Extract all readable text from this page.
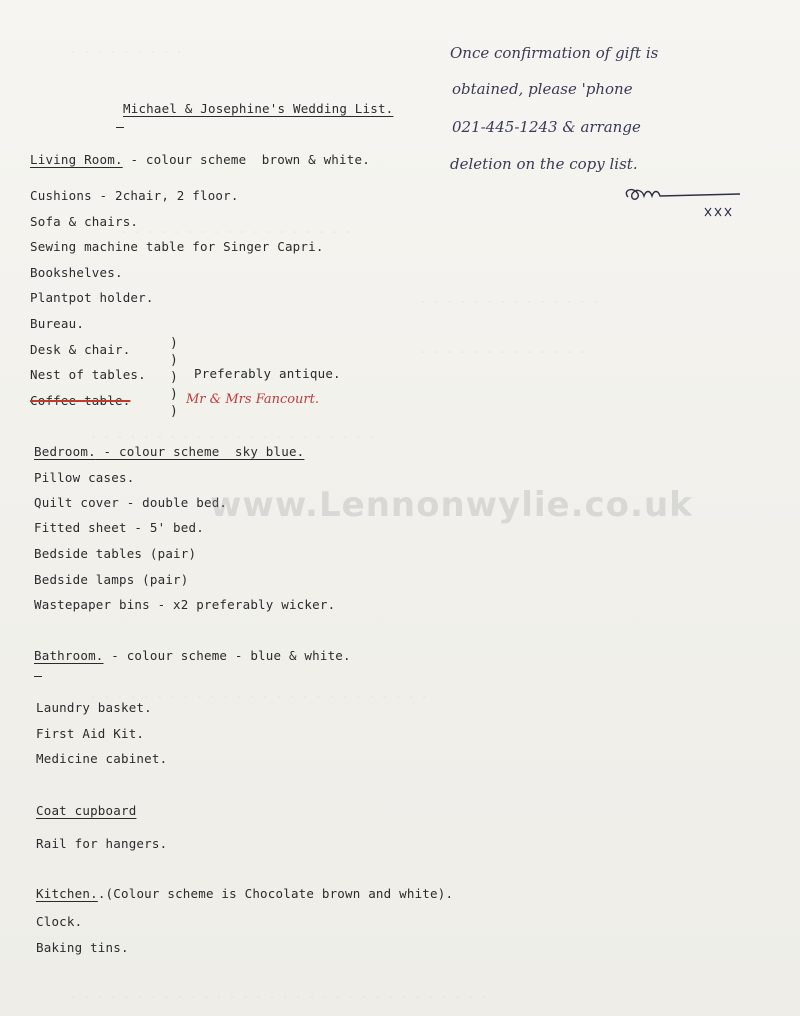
- - - - - - - - -
- - - - - - - - - - - - - - - - - -
- - - - - - - - - - - - - -
- - - - - - - - - - - - -
- - - - - - - - - - - - - - - - - - - - - -
- - - - - - - - - - - - - - - - - - - - - - - - - -
- - - - - - - - - - - - - - - - - - - - - - - - - - - - - - - -
Michael & Josephine's Wedding List.
Once confirmation of gift is
obtained, please 'phone
021-445-1243 & arrange
deletion on the copy list.
Living Room. - colour scheme  brown & white.
Cushions - 2chair, 2 floor.
Sofa & chairs.
Sewing machine table for Singer Capri.
Bookshelves.
Plantpot holder.
Bureau.
Desk & chair.
Nest of tables.
Coffee table.
)
)
)
)
)
Preferably antique.
Mr & Mrs Fancourt.
Bedroom. - colour scheme  sky blue.
Pillow cases.
Quilt cover - double bed.
Fitted sheet - 5' bed.
Bedside tables (pair)
Bedside lamps (pair)
Wastepaper bins - x2 preferably wicker.
Bathroom. - colour scheme - blue & white.
Laundry basket.
First Aid Kit.
Medicine cabinet.
Coat cupboard
Rail for hangers.
Kitchen..(Colour scheme is Chocolate brown and white).
Clock.
Baking tins.
www.Lennonwylie.co.uk
